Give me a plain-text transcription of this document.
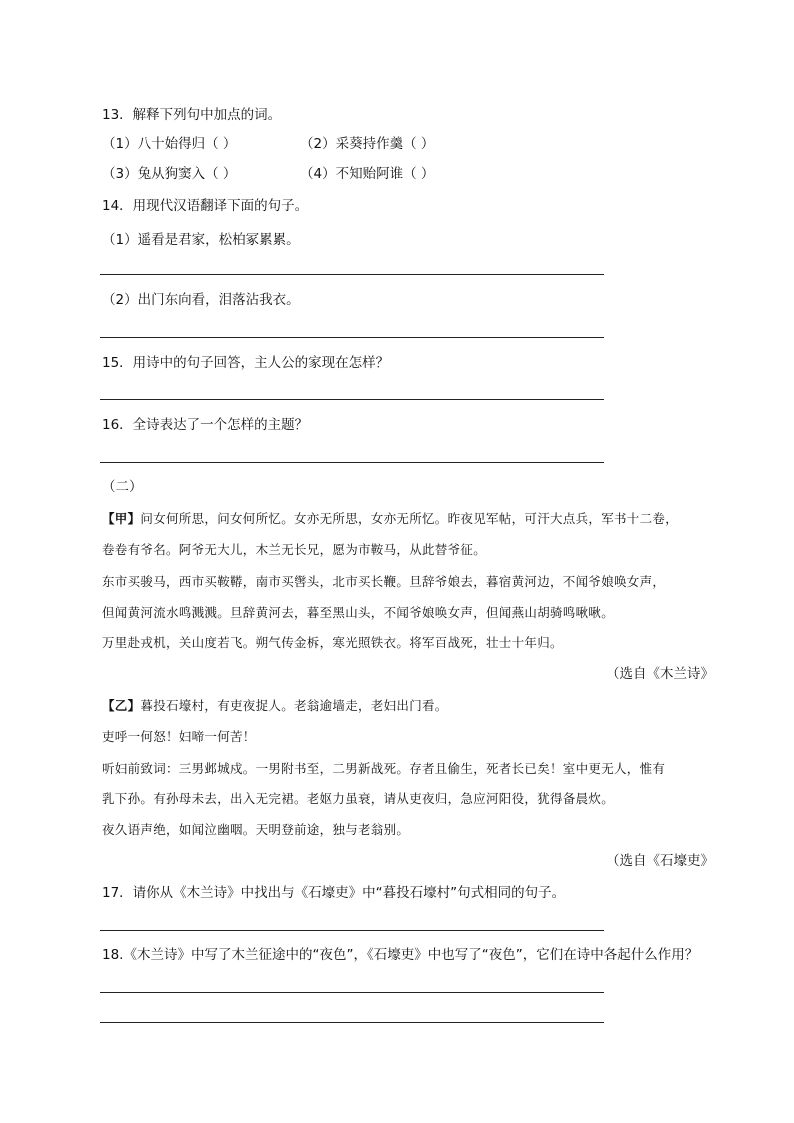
13．解释下列句中加点的词。
（1）八十始得归（ ）	（2）采葵持作羹（ ）
（3）兔从狗窦入（ ）	（4）不知贻阿谁（ ）
14．用现代汉语翻译下面的句子。
（1）遥看是君家，松柏冢累累。
（2）出门东向看，泪落沾我衣。
15．用诗中的句子回答，主人公的家现在怎样？
16．全诗表达了一个怎样的主题？
（二）
【甲】问女何所思，问女何所忆。女亦无所思，女亦无所忆。昨夜见军帖，可汗大点兵，军书十二卷，
卷卷有爷名。阿爷无大儿，木兰无长兄，愿为市鞍马，从此替爷征。
东市买骏马，西市买鞍鞯，南市买辔头，北市买长鞭。旦辞爷娘去，暮宿黄河边，不闻爷娘唤女声，
但闻黄河流水鸣溅溅。旦辞黄河去，暮至黑山头，不闻爷娘唤女声，但闻燕山胡骑鸣啾啾。
万里赴戎机，关山度若飞。朔气传金柝，寒光照铁衣。将军百战死，壮士十年归。
（选自《木兰诗》
【乙】暮投石壕村，有吏夜捉人。老翁逾墙走，老妇出门看。
吏呼一何怒！妇啼一何苦！
听妇前致词：三男邺城戍。一男附书至，二男新战死。存者且偷生，死者长已矣！室中更无人，惟有
乳下孙。有孙母未去，出入无完裙。老妪力虽衰，请从吏夜归，急应河阳役，犹得备晨炊。
夜久语声绝，如闻泣幽咽。天明登前途，独与老翁别。
（选自《石壕吏》
17．请你从《木兰诗》中找出与《石壕吏》中“暮投石壕村”句式相同的句子。
18.《木兰诗》中写了木兰征途中的“夜色”，《石壕吏》中也写了“夜色”，它们在诗中各起什么作用？
